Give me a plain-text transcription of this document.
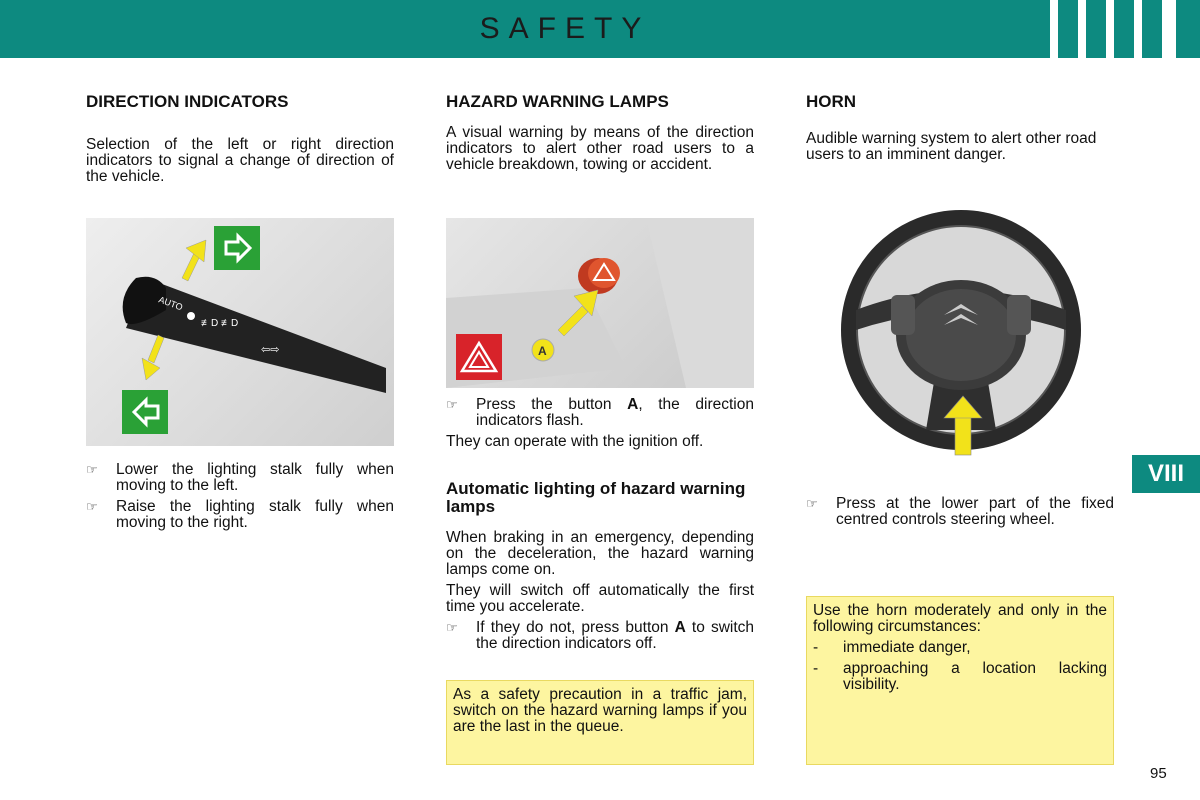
SAFETY
VIII
DIRECTION INDICATORS

Selection of the left or right direction indicators to signal a change of direction of the vehicle.

AUTO
≢D ≢D
⇦⇨
☞ Lower the lighting stalk fully when moving to the left.
☞ Raise the lighting stalk fully when moving to the right.
HAZARD WARNING LAMPS

A visual warning by means of the direction indicators to alert other road users to a vehicle breakdown, towing or accident.

A
☞ Press the button A, the direction indicators flash.

They can operate with the ignition off.

Automatic lighting of hazard warning lamps

When braking in an emergency, depending on the deceleration, the hazard warning lamps come on.

They will switch off automatically the first time you accelerate.

☞ If they do not, press button A to switch the direction indicators off.
As a safety precaution in a traffic jam, switch on the hazard warning lamps if you are the last in the queue.
HORN

Audible warning system to alert other road users to an imminent danger.

☞ Press at the lower part of the fixed centred controls steering wheel.
Use the horn moderately and only in the following circumstances:
- immediate danger,
- approaching a location lacking visibility.
95
